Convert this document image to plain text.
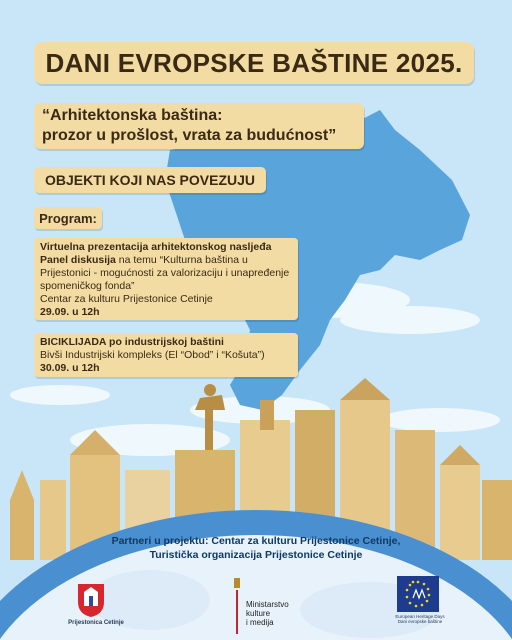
DANI EVROPSKE BAŠTINE 2025.
“Arhitektonska baština:
prozor u prošlost, vrata za budućnost”
OBJEKTI KOJI NAS POVEZUJU
Program:
Virtuelna prezentacija arhitektonskog nasljeđa
Panel diskusija na temu “Kulturna baština u
Prijestonici - mogućnosti za valorizaciju i unapređenje
spomeničkog fonda”
Centar za kulturu Prijestonice Cetinje
29.09. u 12h
BICIKLIJADA po industrijskoj baštini
Bivši Industrijski kompleks (El “Obod” i “Košuta”)
30.09. u 12h
Partneri u projektu: Centar za kulturu Prijestonice Cetinje,
Turistička organizacija Prijestonice Cetinje
Prijestonica Cetinje
Ministarstvo
kulture
i medija
European Heritage Days
Dani evropske baštine
